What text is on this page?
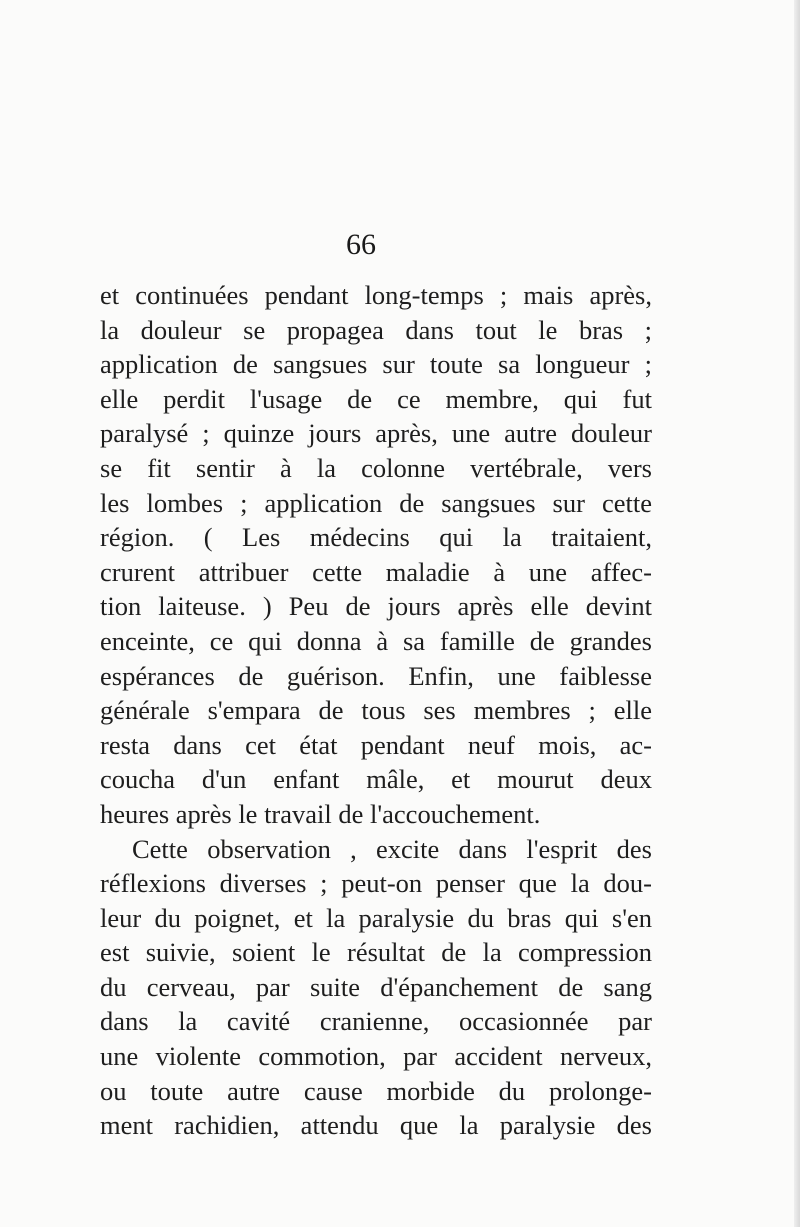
66
et continuées pendant long-temps ; mais après,
la douleur se propagea dans tout le bras ;
application de sangsues sur toute sa longueur ;
elle perdit l'usage de ce membre, qui fut
paralysé ; quinze jours après, une autre douleur
se fit sentir à la colonne vertébrale, vers
les lombes ; application de sangsues sur cette
région. ( Les médecins qui la traitaient,
crurent attribuer cette maladie à une affec-
tion laiteuse. ) Peu de jours après elle devint
enceinte, ce qui donna à sa famille de grandes
espérances de guérison. Enfin, une faiblesse
générale s'empara de tous ses membres ; elle
resta dans cet état pendant neuf mois, ac-
coucha d'un enfant mâle, et mourut deux
heures après le travail de l'accouchement.
Cette observation , excite dans l'esprit des
réflexions diverses ; peut-on penser que la dou-
leur du poignet, et la paralysie du bras qui s'en
est suivie, soient le résultat de la compression
du cerveau, par suite d'épanchement de sang
dans la cavité cranienne, occasionnée par
une violente commotion, par accident nerveux,
ou toute autre cause morbide du prolonge-
ment rachidien, attendu que la paralysie des
